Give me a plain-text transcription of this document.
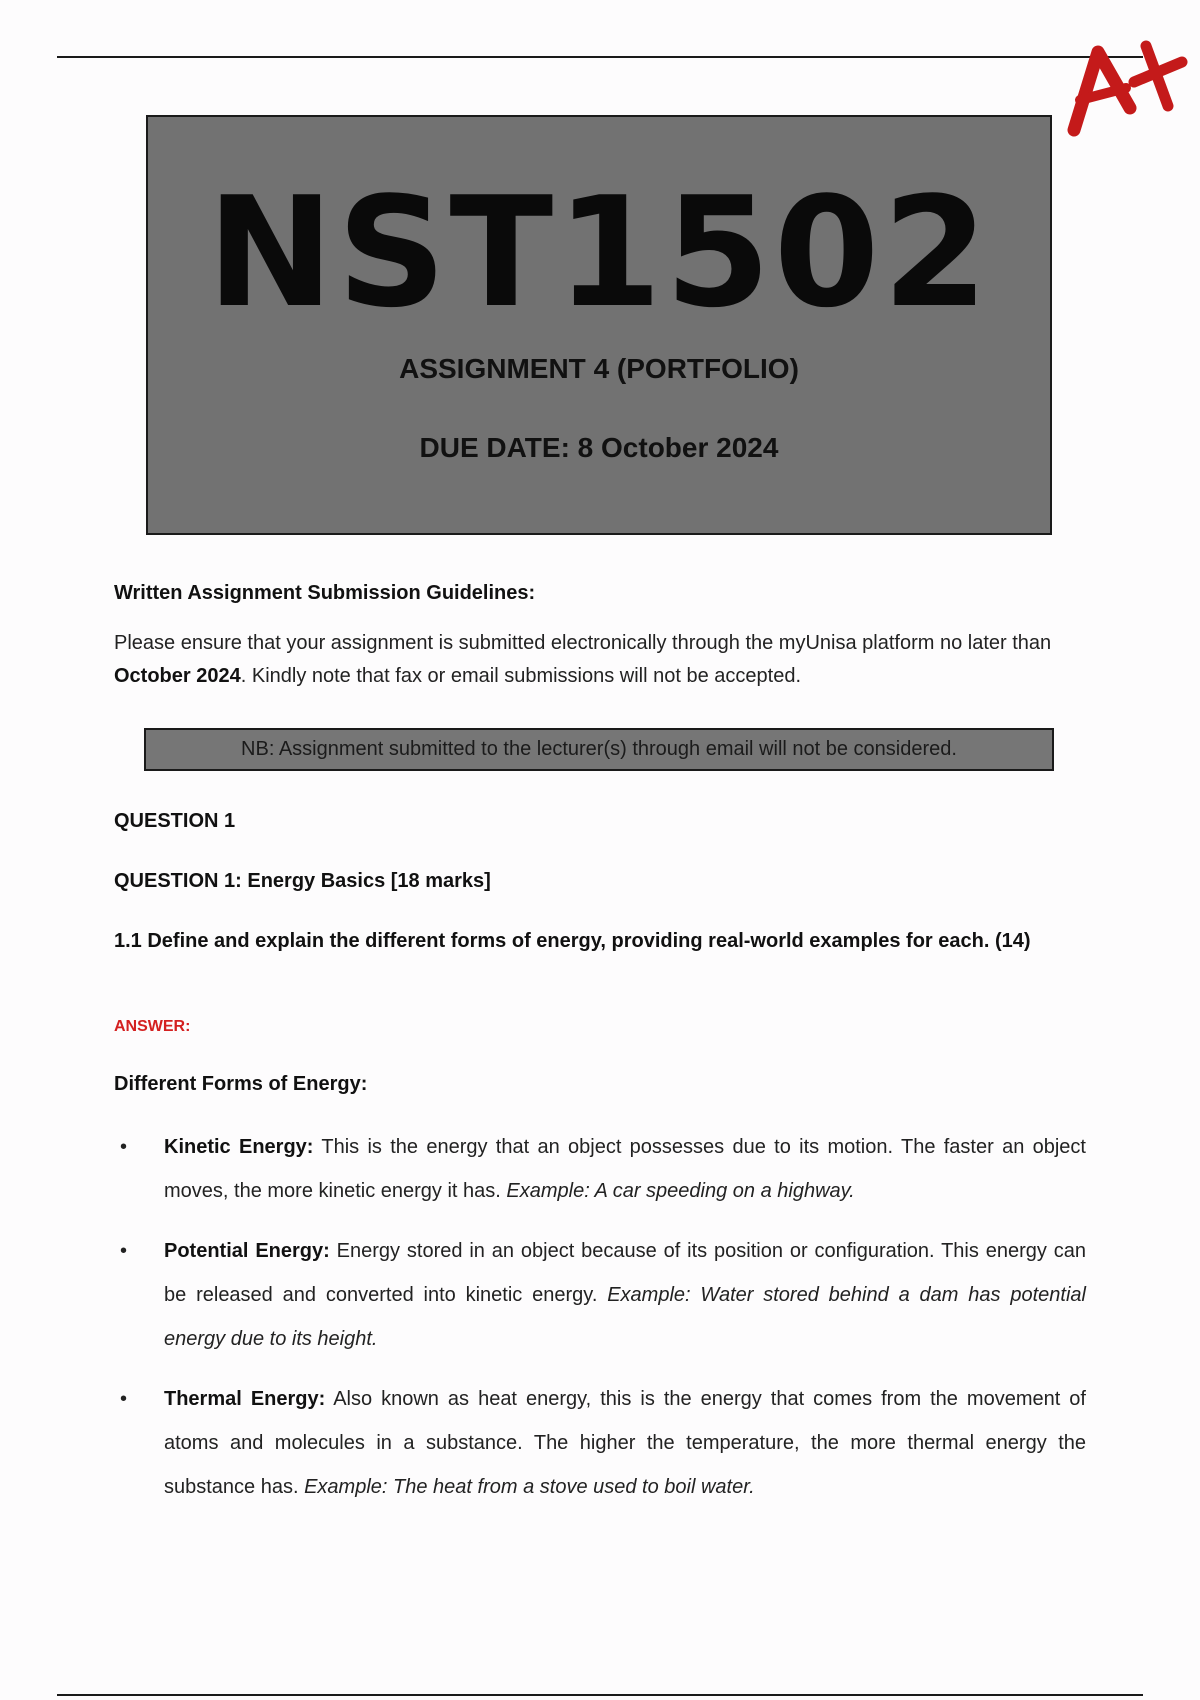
NST1502
ASSIGNMENT 4 (PORTFOLIO)
DUE DATE: 8 October 2024
Written Assignment Submission Guidelines:
Please ensure that your assignment is submitted electronically through the myUnisa platform no later than October 2024. Kindly note that fax or email submissions will not be accepted.
NB: Assignment submitted to the lecturer(s) through email will not be considered.
QUESTION 1
QUESTION 1: Energy Basics [18 marks]
1.1 Define and explain the different forms of energy, providing real-world examples for each. (14)
ANSWER:
Different Forms of Energy:
• Kinetic Energy: This is the energy that an object possesses due to its motion. The faster an object moves, the more kinetic energy it has. Example: A car speeding on a highway.
• Potential Energy: Energy stored in an object because of its position or configuration. This energy can be released and converted into kinetic energy. Example: Water stored behind a dam has potential energy due to its height.
• Thermal Energy: Also known as heat energy, this is the energy that comes from the movement of atoms and molecules in a substance. The higher the temperature, the more thermal energy the substance has. Example: The heat from a stove used to boil water.
